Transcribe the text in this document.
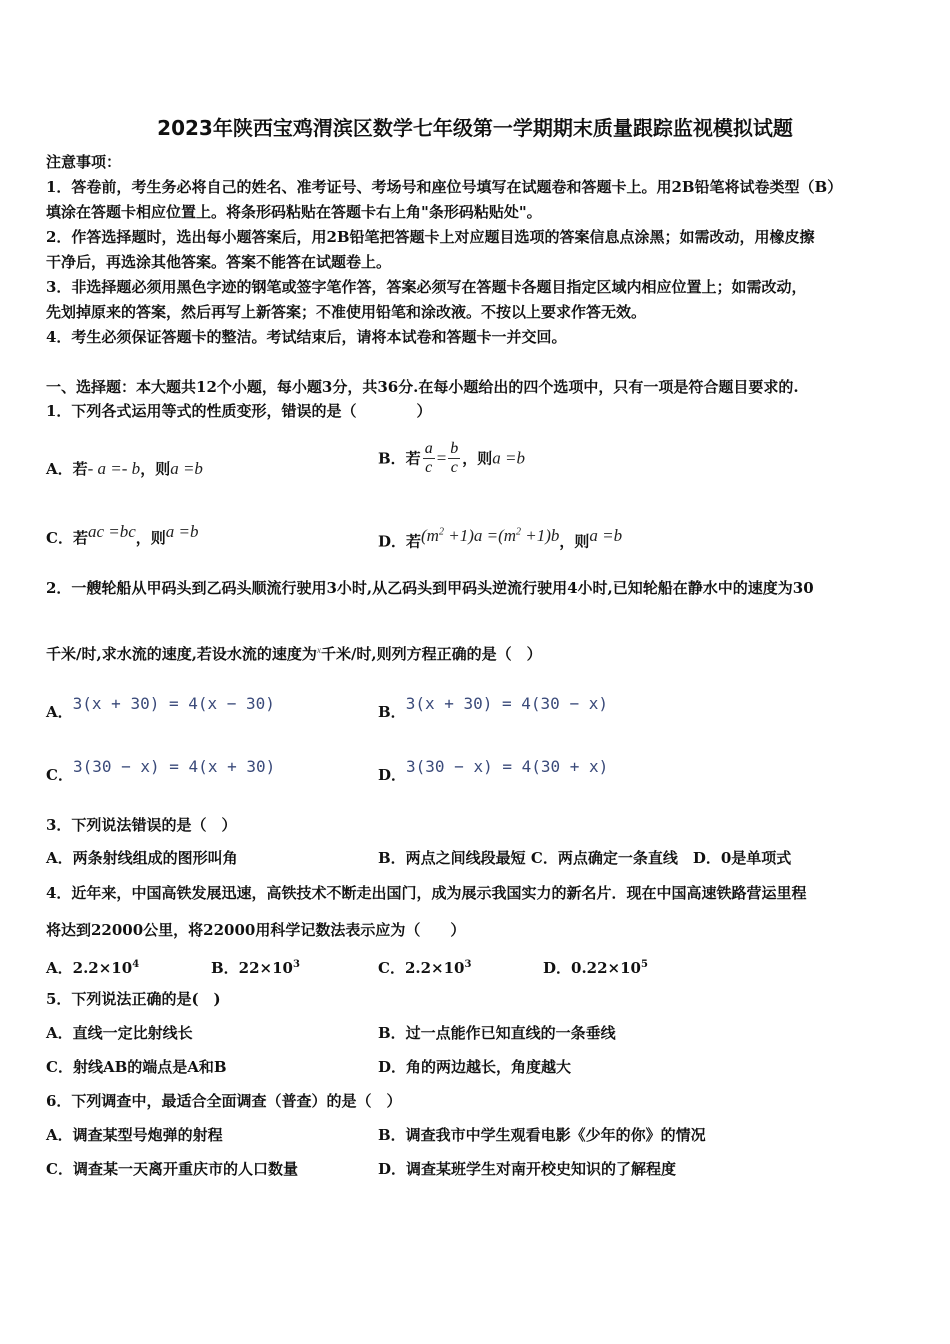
2023年陕西宝鸡渭滨区数学七年级第一学期期末质量跟踪监视模拟试题
注意事项：
1．答卷前，考生务必将自己的姓名、准考证号、考场号和座位号填写在试题卷和答题卡上。用2B铅笔将试卷类型（B）
填涂在答题卡相应位置上。将条形码粘贴在答题卡右上角"条形码粘贴处"。
2．作答选择题时，选出每小题答案后，用2B铅笔把答题卡上对应题目选项的答案信息点涂黑；如需改动，用橡皮擦
干净后，再选涂其他答案。答案不能答在试题卷上。
3．非选择题必须用黑色字迹的钢笔或签字笔作答，答案必须写在答题卡各题目指定区域内相应位置上；如需改动，
先划掉原来的答案，然后再写上新答案；不准使用铅笔和涂改液。不按以上要求作答无效。
4．考生必须保证答题卡的整洁。考试结束后，请将本试卷和答题卡一并交回。
一、选择题：本大题共12个小题，每小题3分，共36分.在每小题给出的四个选项中，只有一项是符合题目要求的.
1．下列各式运用等式的性质变形，错误的是（　　　　）
A．若- a =- b，则a =b
B．若 $\frac{a}{c} = \frac{b}{c}$ ，则a =b
C．若ac =bc，则a =b
D．若$(m^2 +1)a =(m^2 +1)b$，则a =b
2．一艘轮船从甲码头到乙码头顺流行驶用3小时,从乙码头到甲码头逆流行驶用4小时,已知轮船在静水中的速度为30
千米/时,求水流的速度,若设水流的速度为$^x$千米/时,则列方程正确的是（　）
A．3(x + 30) = 4(x − 30)	B．3(x + 30) = 4(30 − x)
C．3(30 − x) = 4(x + 30)	D．3(30 − x) = 4(30 + x)
3．下列说法错误的是（　）
A．两条射线组成的图形叫角	B．两点之间线段最短 C．两点确定一条直线　D．0是单项式
4．近年来，中国高铁发展迅速，高铁技术不断走出国门，成为展示我国实力的新名片．现在中国高速铁路营运里程
将达到22000公里，将22000用科学记数法表示应为（　　）
A．$2.2\times 10^4$	B．$22\times 10^3$	C．$2.2\times 10^3$	D．$0.22\times 10^5$
5．下列说法正确的是(　)
A．直线一定比射线长	B．过一点能作已知直线的一条垂线
C．射线AB的端点是A和B	D．角的两边越长，角度越大
6．下列调查中，最适合全面调查（普查）的是（　）
A．调查某型号炮弹的射程	B．调查我市中学生观看电影《少年的你》的情况
C．调查某一天离开重庆市的人口数量	D．调查某班学生对南开校史知识的了解程度
